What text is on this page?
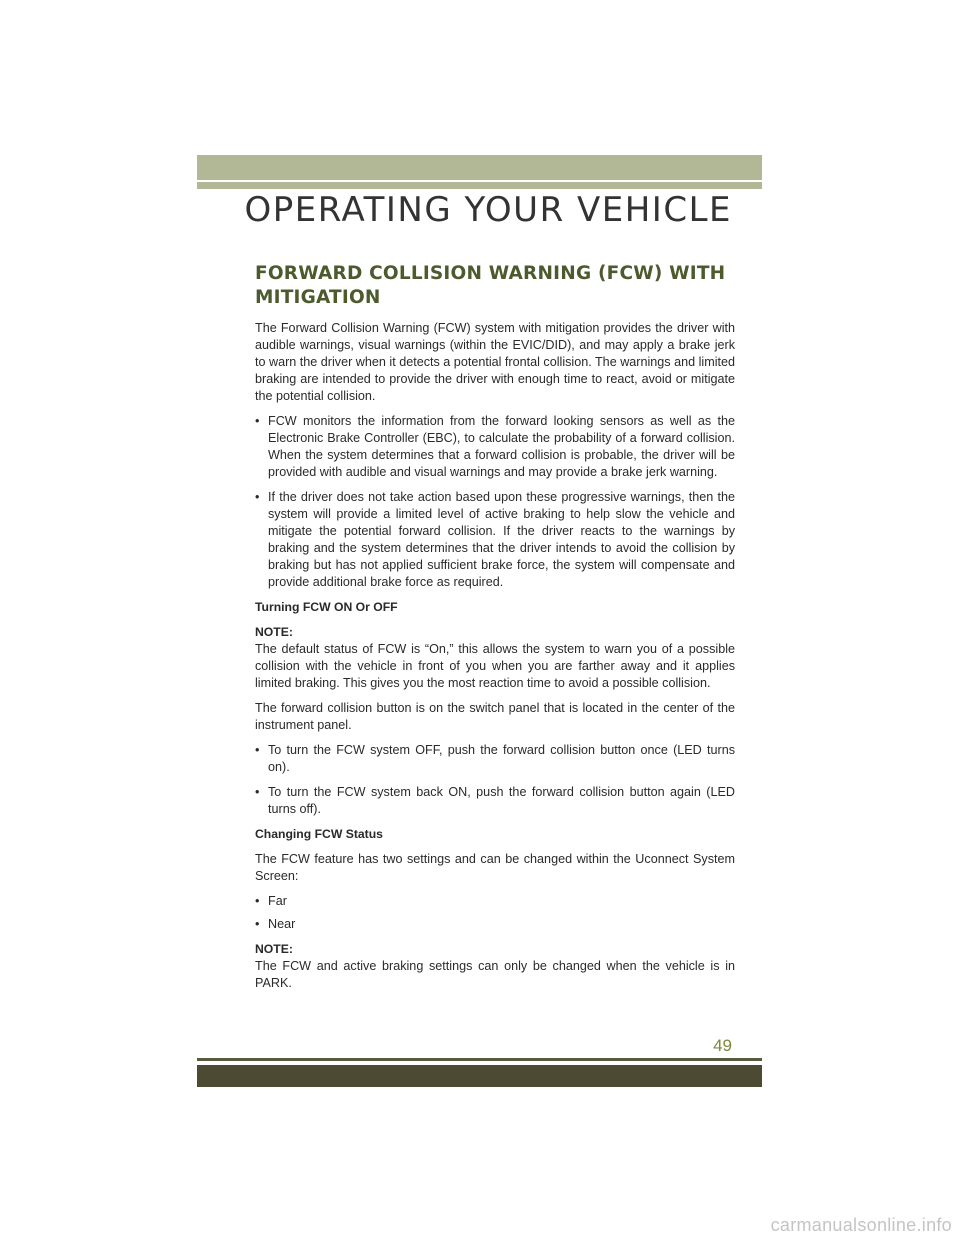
OPERATING YOUR VEHICLE
FORWARD COLLISION WARNING (FCW) WITH
MITIGATION

The Forward Collision Warning (FCW) system with mitigation provides the driver with audible warnings, visual warnings (within the EVIC/DID), and may apply a brake jerk to warn the driver when it detects a potential frontal collision. The warnings and limited braking are intended to provide the driver with enough time to react, avoid or mitigate the potential collision.

• FCW monitors the information from the forward looking sensors as well as the Electronic Brake Controller (EBC), to calculate the probability of a forward collision. When the system determines that a forward collision is probable, the driver will be provided with audible and visual warnings and may provide a brake jerk warning.
• If the driver does not take action based upon these progressive warnings, then the system will provide a limited level of active braking to help slow the vehicle and mitigate the potential forward collision. If the driver reacts to the warnings by braking and the system determines that the driver intends to avoid the collision by braking but has not applied sufficient brake force, the system will compensate and provide additional brake force as required.

Turning FCW ON Or OFF

NOTE:

The default status of FCW is “On,” this allows the system to warn you of a possible collision with the vehicle in front of you when you are farther away and it applies limited braking. This gives you the most reaction time to avoid a possible collision.

The forward collision button is on the switch panel that is located in the center of the instrument panel.

• To turn the FCW system OFF, push the forward collision button once (LED turns on).
• To turn the FCW system back ON, push the forward collision button again (LED turns off).

Changing FCW Status

The FCW feature has two settings and can be changed within the Uconnect System Screen:

• Far
• Near

NOTE:

The FCW and active braking settings can only be changed when the vehicle is in PARK.

49
carmanualsonline.info
